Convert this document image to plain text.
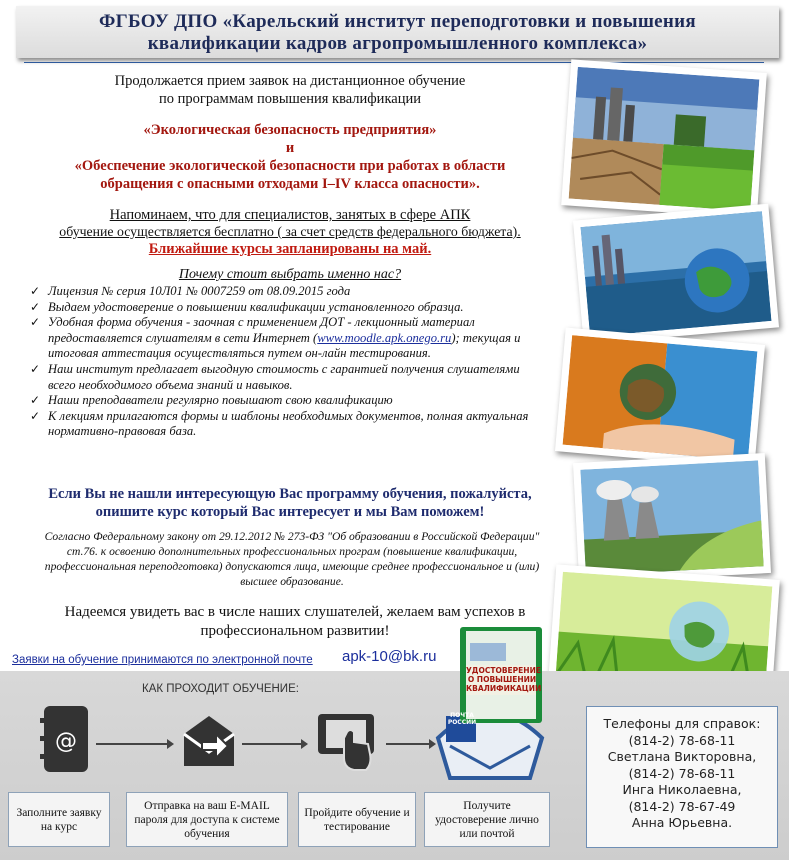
ФГБОУ ДПО «Карельский институт переподготовки и повышения
квалификации кадров агропромышленного комплекса»
Продолжается прием заявок на дистанционное обучение
по программам повышения квалификации
«Экологическая безопасность предприятия»
и
«Обеспечение экологической безопасности при работах в области
обращения с опасными отходами I–IV класса опасности».
Напоминаем, что для специалистов, занятых в сфере АПК
обучение осуществляется бесплатно ( за счет средств федерального бюджета).
Ближайшие курсы запланированы на май.
Почему стоит выбрать именно нас?
✓ Лицензия № серия 10Л01 № 0007259 от 08.09.2015 года
✓ Выдаем удостоверение о повышении квалификации установленного образца.
✓ Удобная форма обучения - заочная с применением ДОТ - лекционный материал предоставляется слушателям в сети Интернет (www.moodle.apk.onego.ru); текущая и итоговая аттестация осуществляться путем он-лайн тестирования.
✓ Наш институт предлагает выгодную стоимость с гарантией получения слушателями всего необходимого объема знаний и навыков.
✓ Наши преподаватели регулярно повышают свою квалификацию
✓ К лекциям прилагаются формы и шаблоны необходимых документов, полная актуальная нормативно-правовая база.
Если Вы не нашли интересующую Вас программу обучения, пожалуйста,
опишите курс который Вас интересует и мы Вам поможем!
Согласно Федеральному закону от 29.12.2012 № 273-ФЗ "Об образовании в Российской Федерации" ст.76. к освоению дополнительных профессиональных програм (повышение квалификации, профессиональная переподготовка) допускаются лица, имеющие среднее профессиональное и (или) высшее образование.
Надеемся увидеть вас в числе наших слушателей, желаем вам успехов в
профессиональном развитии!
Заявки на обучение принимаются по электронной почте apk-10@bk.ru
КАК ПРОХОДИТ ОБУЧЕНИЕ:
@
УДОСТОВЕРЕНИЕ О ПОВЫШЕНИИ КВАЛИФИКАЦИИ
ПОЧТА РОССИИ
Заполните заявку на курс
Отправка на ваш E-MAIL пароля для доступа к системе обучения
Пройдите обучение и тестирование
Получите удостоверение лично или почтой
Телефоны для справок:
(814-2) 78-68-11
Светлана Викторовна,
(814-2) 78-68-11
Инга Николаевна,
(814-2) 78-67-49
Анна Юрьевна.
